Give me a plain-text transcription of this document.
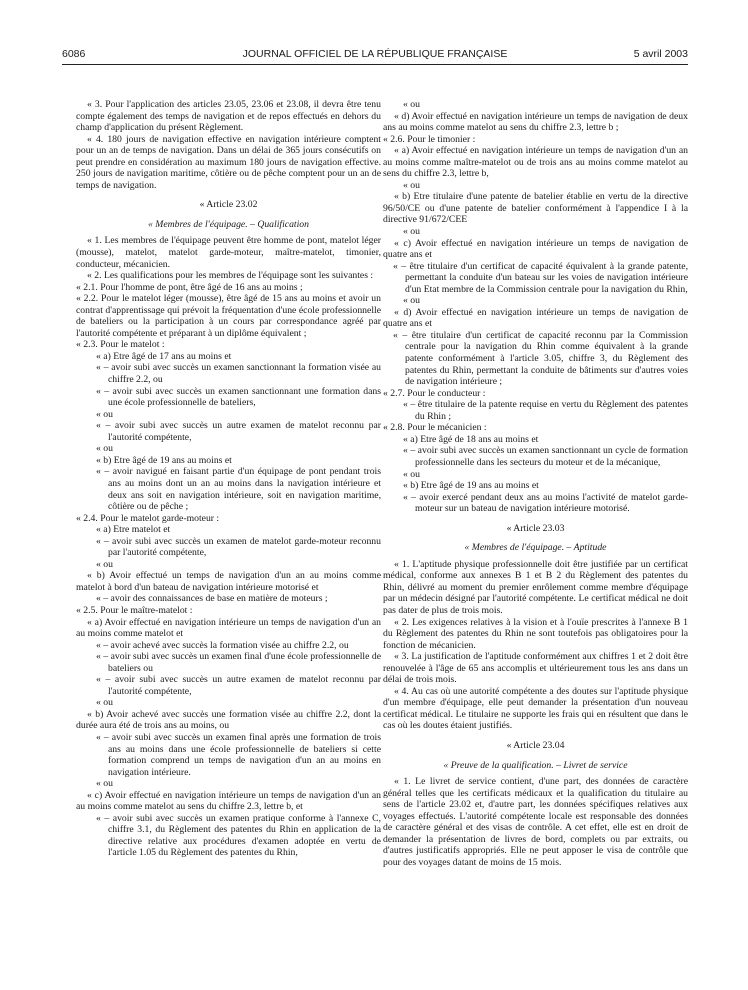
6086	JOURNAL OFFICIEL DE LA RÉPUBLIQUE FRANÇAISE	5 avril 2003

« 3. Pour l'application des articles 23.05, 23.06 et 23.08, il devra être tenu compte également des temps de navigation et de repos effectués en dehors du champ d'application du présent Règlement.

« 4. 180 jours de navigation effective en navigation intérieure comptent pour un an de temps de navigation. Dans un délai de 365 jours consécutifs on peut prendre en considération au maximum 180 jours de navigation effective. 250 jours de navigation maritime, côtière ou de pêche comptent pour un an de temps de navigation.

« Article 23.02

« Membres de l'équipage. – Qualification

« 1. Les membres de l'équipage peuvent être homme de pont, matelot léger (mousse), matelot, matelot garde-moteur, maître-matelot, timonier, conducteur, mécanicien.

« 2. Les qualifications pour les membres de l'équipage sont les suivantes :

« 2.1. Pour l'homme de pont, être âgé de 16 ans au moins ;

« 2.2. Pour le matelot léger (mousse), être âgé de 15 ans au moins et avoir un contrat d'apprentissage qui prévoit la fréquentation d'une école professionnelle de bateliers ou la participation à un cours par correspondance agréé par l'autorité compétente et préparant à un diplôme équivalent ;

« 2.3. Pour le matelot :

« a) Etre âgé de 17 ans au moins et

« – avoir subi avec succès un examen sanctionnant la formation visée au chiffre 2.2, ou

« – avoir subi avec succès un examen sanctionnant une formation dans une école professionnelle de bateliers,

« ou

« – avoir subi avec succès un autre examen de matelot reconnu par l'autorité compétente,

« ou

« b) Etre âgé de 19 ans au moins et

« – avoir navigué en faisant partie d'un équipage de pont pendant trois ans au moins dont un an au moins dans la navigation intérieure et deux ans soit en navigation intérieure, soit en navigation maritime, côtière ou de pêche ;

« 2.4. Pour le matelot garde-moteur :

« a) Etre matelot et

« – avoir subi avec succès un examen de matelot garde-moteur reconnu par l'autorité compétente,

« ou

« b) Avoir effectué un temps de navigation d'un an au moins comme matelot à bord d'un bateau de navigation intérieure motorisé et

« – avoir des connaissances de base en matière de moteurs ;

« 2.5. Pour le maître-matelot :

« a) Avoir effectué en navigation intérieure un temps de navigation d'un an au moins comme matelot et

« – avoir achevé avec succès la formation visée au chiffre 2.2, ou

« – avoir subi avec succès un examen final d'une école professionnelle de bateliers ou

« – avoir subi avec succès un autre examen de matelot reconnu par l'autorité compétente,

« ou

« b) Avoir achevé avec succès une formation visée au chiffre 2.2, dont la durée aura été de trois ans au moins, ou

« – avoir subi avec succès un examen final après une formation de trois ans au moins dans une école professionnelle de bateliers si cette formation comprend un temps de navigation d'un an au moins en navigation intérieure.

« ou

« c) Avoir effectué en navigation intérieure un temps de navigation d'un an au moins comme matelot au sens du chiffre 2.3, lettre b, et

« – avoir subi avec succès un examen pratique conforme à l'annexe C, chiffre 3.1, du Règlement des patentes du Rhin en application de la directive relative aux procédures d'examen adoptée en vertu de l'article 1.05 du Règlement des patentes du Rhin,

« ou

« d) Avoir effectué en navigation intérieure un temps de navigation de deux ans au moins comme matelot au sens du chiffre 2.3, lettre b ;

« 2.6. Pour le timonier :

« a) Avoir effectué en navigation intérieure un temps de navigation d'un an au moins comme maître-matelot ou de trois ans au moins comme matelot au sens du chiffre 2.3, lettre b,

« ou

« b) Etre titulaire d'une patente de batelier établie en vertu de la directive 96/50/CE ou d'une patente de batelier conformément à l'appendice I à la directive 91/672/CEE

« ou

« c) Avoir effectué en navigation intérieure un temps de navigation de quatre ans et

« – être titulaire d'un certificat de capacité équivalent à la grande patente, permettant la conduite d'un bateau sur les voies de navigation intérieure d'un Etat membre de la Commission centrale pour la navigation du Rhin,

« ou

« d) Avoir effectué en navigation intérieure un temps de navigation de quatre ans et

« – être titulaire d'un certificat de capacité reconnu par la Commission centrale pour la navigation du Rhin comme équivalent à la grande patente conformément à l'article 3.05, chiffre 3, du Règlement des patentes du Rhin, permettant la conduite de bâtiments sur d'autres voies de navigation intérieure ;

« 2.7. Pour le conducteur :

« – être titulaire de la patente requise en vertu du Règlement des patentes du Rhin ;

« 2.8. Pour le mécanicien :

« a) Etre âgé de 18 ans au moins et

« – avoir subi avec succès un examen sanctionnant un cycle de formation professionnelle dans les secteurs du moteur et de la mécanique,

« ou

« b) Etre âgé de 19 ans au moins et

« – avoir exercé pendant deux ans au moins l'activité de matelot garde-moteur sur un bateau de navigation intérieure motorisé.

« Article 23.03

« Membres de l'équipage. – Aptitude

« 1. L'aptitude physique professionnelle doit être justifiée par un certificat médical, conforme aux annexes B 1 et B 2 du Règlement des patentes du Rhin, délivré au moment du premier enrôlement comme membre d'équipage par un médecin désigné par l'autorité compétente. Le certificat médical ne doit pas dater de plus de trois mois.

« 2. Les exigences relatives à la vision et à l'ouïe prescrites à l'annexe B 1 du Règlement des patentes du Rhin ne sont toutefois pas obligatoires pour la fonction de mécanicien.

« 3. La justification de l'aptitude conformément aux chiffres 1 et 2 doit être renouvelée à l'âge de 65 ans accomplis et ultérieurement tous les ans dans un délai de trois mois.

« 4. Au cas où une autorité compétente a des doutes sur l'aptitude physique d'un membre d'équipage, elle peut demander la présentation d'un nouveau certificat médical. Le titulaire ne supporte les frais qui en résultent que dans le cas où les doutes étaient justifiés.

« Article 23.04

« Preuve de la qualification. – Livret de service

« 1. Le livret de service contient, d'une part, des données de caractère général telles que les certificats médicaux et la qualification du titulaire au sens de l'article 23.02 et, d'autre part, les données spécifiques relatives aux voyages effectués. L'autorité compétente locale est responsable des données de caractère général et des visas de contrôle. A cet effet, elle est en droit de demander la présentation de livres de bord, complets ou par extraits, ou d'autres justificatifs appropriés. Elle ne peut apposer le visa de contrôle que pour des voyages datant de moins de 15 mois.
